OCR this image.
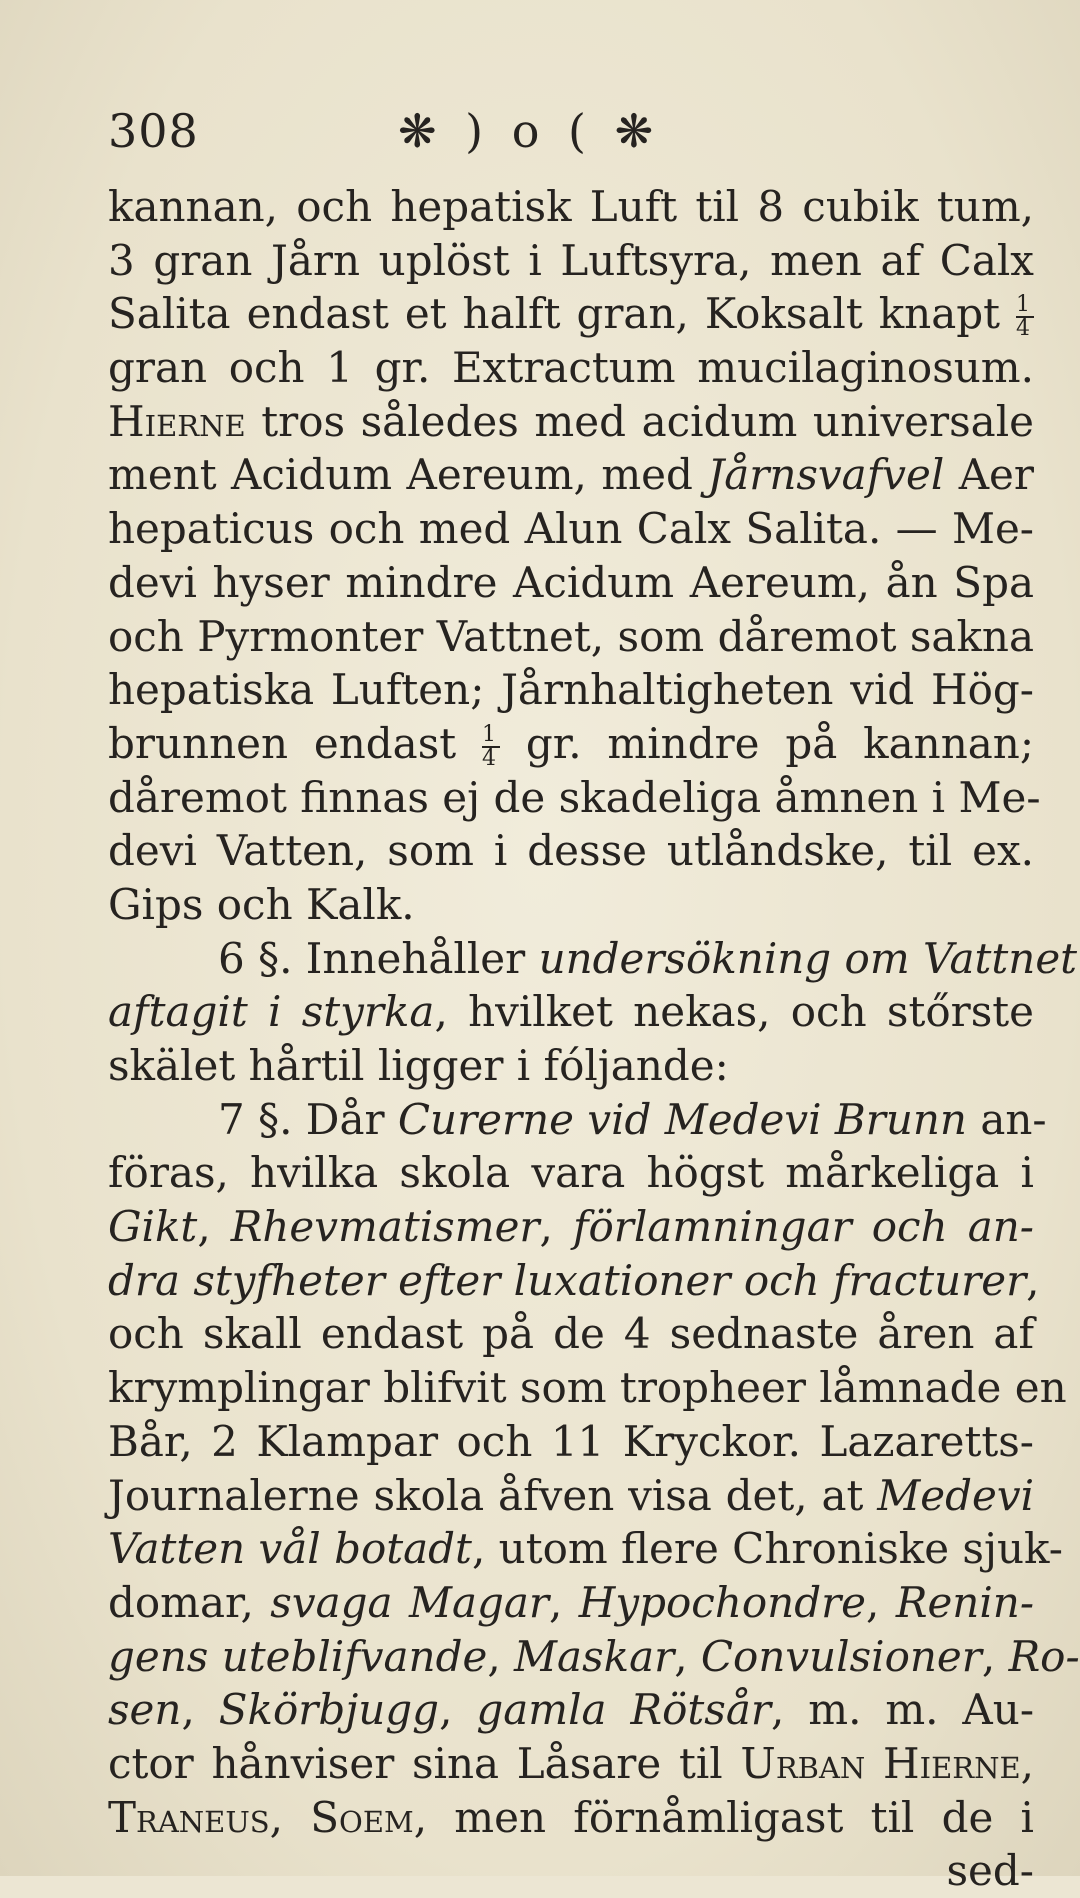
308	❋ ) o ( ❋
kannan, och hepatisk Luft til 8 cubik tum,
3 gran Jårn uplöst i Luftsyra, men af Calx
Salita endast et halft gran, Koksalt knapt $\frac{1}{4}$
gran och 1 gr. Extractum mucilaginosum.
Hierne tros således med acidum universale
ment Acidum Aereum, med Jårnsvafvel Aer
hepaticus och med Alun Calx Salita. — Me-
devi hyser mindre Acidum Aereum, ån Spa
och Pyrmonter Vattnet, som dåremot sakna
hepatiska Luften; Jårnhaltigheten vid Hög-
brunnen endast $\frac{1}{4}$ gr. mindre på kannan;
dåremot finnas ej de skadeliga åmnen i Me-
devi Vatten, som i desse utlåndske, til ex.
Gips och Kalk.
6 §. Innehåller undersökning om Vattnet
aftagit i styrka, hvilket nekas, och stőrste
skälet hårtil ligger i fóljande:
7 §. Dår Curerne vid Medevi Brunn an-
föras, hvilka skola vara högst mårkeliga i
Gikt, Rhevmatismer, förlamningar och an-
dra styfheter efter luxationer och fracturer,
och skall endast på de 4 sednaste åren af
krymplingar blifvit som tropheer låmnade en
Bår, 2 Klampar och 11 Kryckor. Lazaretts-
Journalerne skola åfven visa det, at Medevi
Vatten vål botadt, utom flere Chroniske sjuk-
domar, svaga Magar, Hypochondre, Renin-
gens uteblifvande, Maskar, Convulsioner, Ro-
sen, Skörbjugg, gamla Rötsår, m. m. Au-
ctor hånviser sina Låsare til Urban Hierne,
Traneus, Soem, men förnåmligast til de i
sed-
